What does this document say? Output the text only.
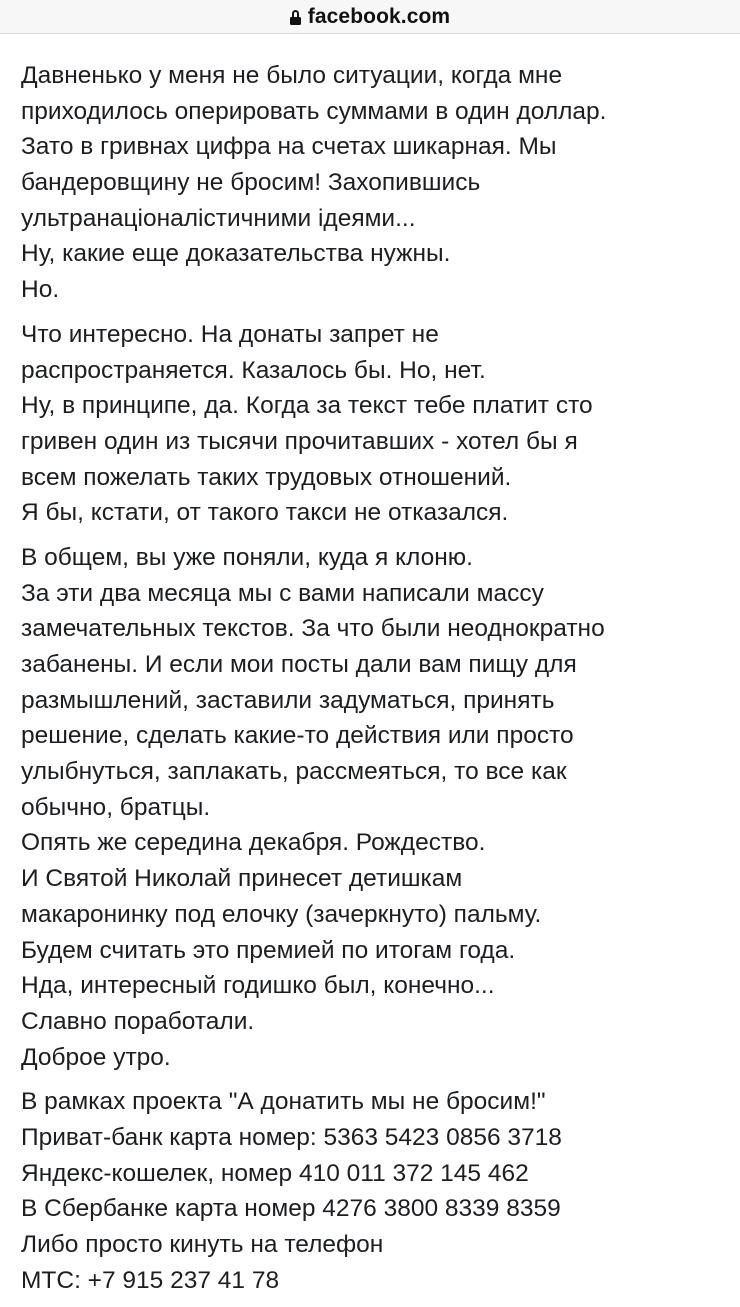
facebook.com
Давненько у меня не было ситуации, когда мне
приходилось оперировать суммами в один доллар.
Зато в гривнах цифра на счетах шикарная. Мы
бандеровщину не бросим! Захопившись
ультранаціоналістичними ідеями...
Ну, какие еще доказательства нужны.
Но.
Что интересно. На донаты запрет не
распространяется. Казалось бы. Но, нет.
Ну, в принципе, да. Когда за текст тебе платит сто
гривен один из тысячи прочитавших - хотел бы я
всем пожелать таких трудовых отношений.
Я бы, кстати, от такого такси не отказался.
В общем, вы уже поняли, куда я клоню.
За эти два месяца мы с вами написали массу
замечательных текстов. За что были неоднократно
забанены. И если мои посты дали вам пищу для
размышлений, заставили задуматься, принять
решение, сделать какие-то действия или просто
улыбнуться, заплакать, рассмеяться, то все как
обычно, братцы.
Опять же середина декабря. Рождество.
И Святой Николай принесет детишкам
макаронинку под елочку (зачеркнуто) пальму.
Будем считать это премией по итогам года.
Нда, интересный годишко был, конечно...
Славно поработали.
Доброе утро.
В рамках проекта "А донатить мы не бросим!"
Приват-банк карта номер: 5363 5423 0856 3718
Яндекс-кошелек, номер 410 011 372 145 462
В Сбербанке карта номер 4276 3800 8339 8359
Либо просто кинуть на телефон
МТС: +7 915 237 41 78
